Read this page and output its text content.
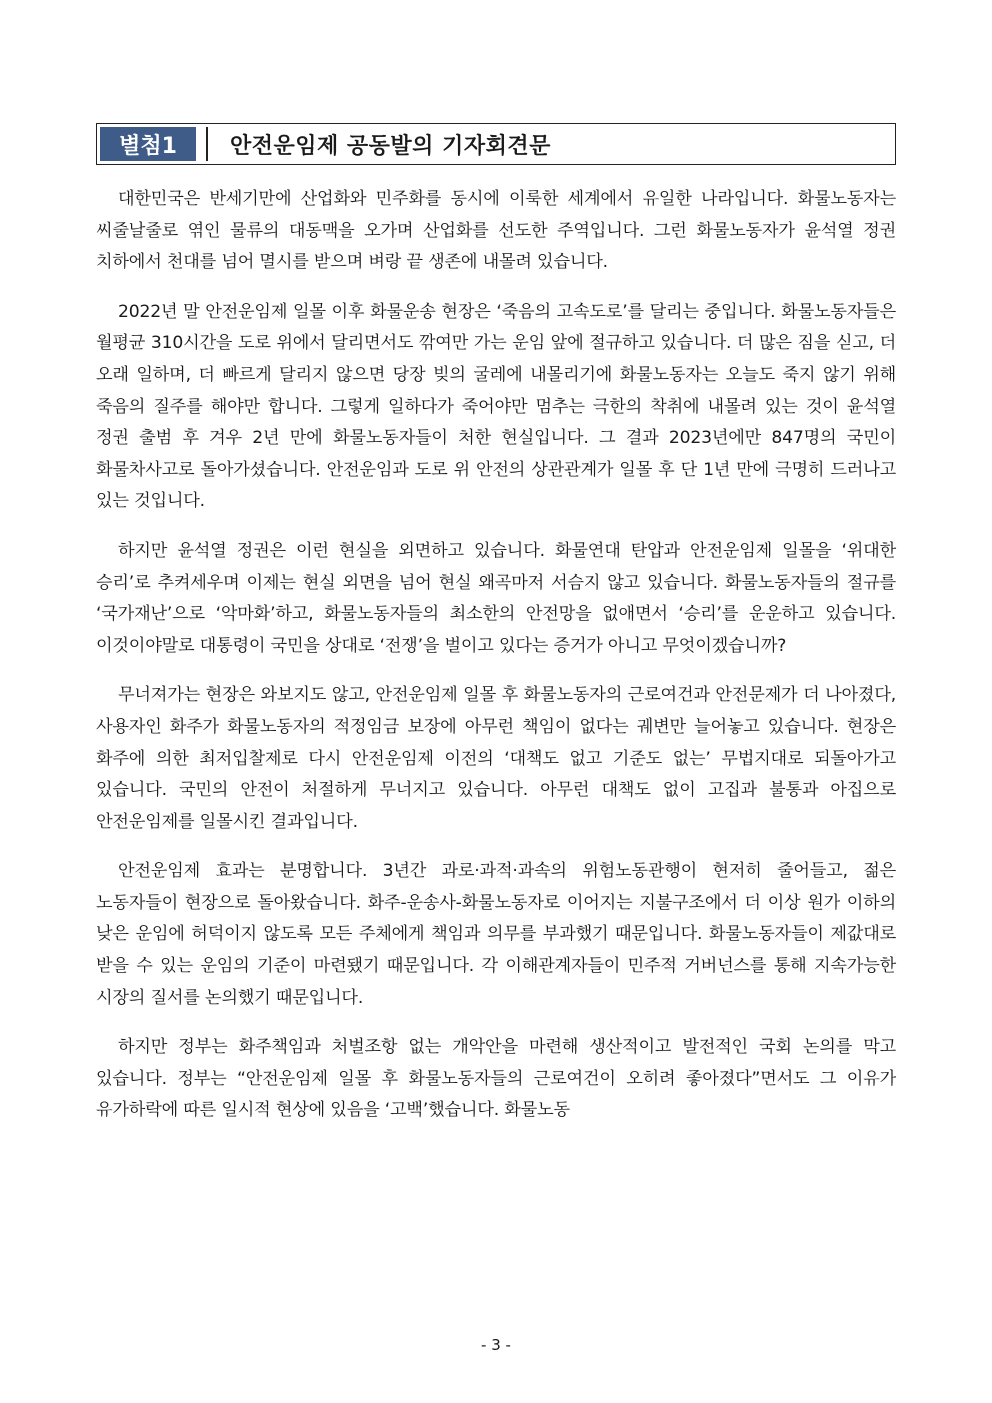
별첨1	안전운임제 공동발의 기자회견문

대한민국은 반세기만에 산업화와 민주화를 동시에 이룩한 세계에서 유일한 나라입니다. 화물노동자는 씨줄날줄로 엮인 물류의 대동맥을 오가며 산업화를 선도한 주역입니다. 그런 화물노동자가 윤석열 정권 치하에서 천대를 넘어 멸시를 받으며 벼랑 끝 생존에 내몰려 있습니다.

2022년 말 안전운임제 일몰 이후 화물운송 현장은 ‘죽음의 고속도로’를 달리는 중입니다. 화물노동자들은 월평균 310시간을 도로 위에서 달리면서도 깎여만 가는 운임 앞에 절규하고 있습니다. 더 많은 짐을 싣고, 더 오래 일하며, 더 빠르게 달리지 않으면 당장 빚의 굴레에 내몰리기에 화물노동자는 오늘도 죽지 않기 위해 죽음의 질주를 해야만 합니다. 그렇게 일하다가 죽어야만 멈추는 극한의 착취에 내몰려 있는 것이 윤석열 정권 출범 후 겨우 2년 만에 화물노동자들이 처한 현실입니다. 그 결과 2023년에만 847명의 국민이 화물차사고로 돌아가셨습니다. 안전운임과 도로 위 안전의 상관관계가 일몰 후 단 1년 만에 극명히 드러나고 있는 것입니다.

하지만 윤석열 정권은 이런 현실을 외면하고 있습니다. 화물연대 탄압과 안전운임제 일몰을 ‘위대한 승리’로 추켜세우며 이제는 현실 외면을 넘어 현실 왜곡마저 서슴지 않고 있습니다. 화물노동자들의 절규를 ‘국가재난’으로 ‘악마화’하고, 화물노동자들의 최소한의 안전망을 없애면서 ‘승리’를 운운하고 있습니다. 이것이야말로 대통령이 국민을 상대로 ‘전쟁’을 벌이고 있다는 증거가 아니고 무엇이겠습니까?

무너져가는 현장은 와보지도 않고, 안전운임제 일몰 후 화물노동자의 근로여건과 안전문제가 더 나아졌다, 사용자인 화주가 화물노동자의 적정임금 보장에 아무런 책임이 없다는 궤변만 늘어놓고 있습니다. 현장은 화주에 의한 최저입찰제로 다시 안전운임제 이전의 ‘대책도 없고 기준도 없는’ 무법지대로 되돌아가고 있습니다. 국민의 안전이 처절하게 무너지고 있습니다. 아무런 대책도 없이 고집과 불통과 아집으로 안전운임제를 일몰시킨 결과입니다.

안전운임제 효과는 분명합니다. 3년간 과로·과적·과속의 위험노동관행이 현저히 줄어들고, 젊은 노동자들이 현장으로 돌아왔습니다. 화주-운송사-화물노동자로 이어지는 지불구조에서 더 이상 원가 이하의 낮은 운임에 허덕이지 않도록 모든 주체에게 책임과 의무를 부과했기 때문입니다. 화물노동자들이 제값대로 받을 수 있는 운임의 기준이 마련됐기 때문입니다. 각 이해관계자들이 민주적 거버넌스를 통해 지속가능한 시장의 질서를 논의했기 때문입니다.

하지만 정부는 화주책임과 처벌조항 없는 개악안을 마련해 생산적이고 발전적인 국회 논의를 막고 있습니다. 정부는 “안전운임제 일몰 후 화물노동자들의 근로여건이 오히려 좋아졌다”면서도 그 이유가 유가하락에 따른 일시적 현상에 있음을 ‘고백’했습니다. 화물노동

- 3 -
